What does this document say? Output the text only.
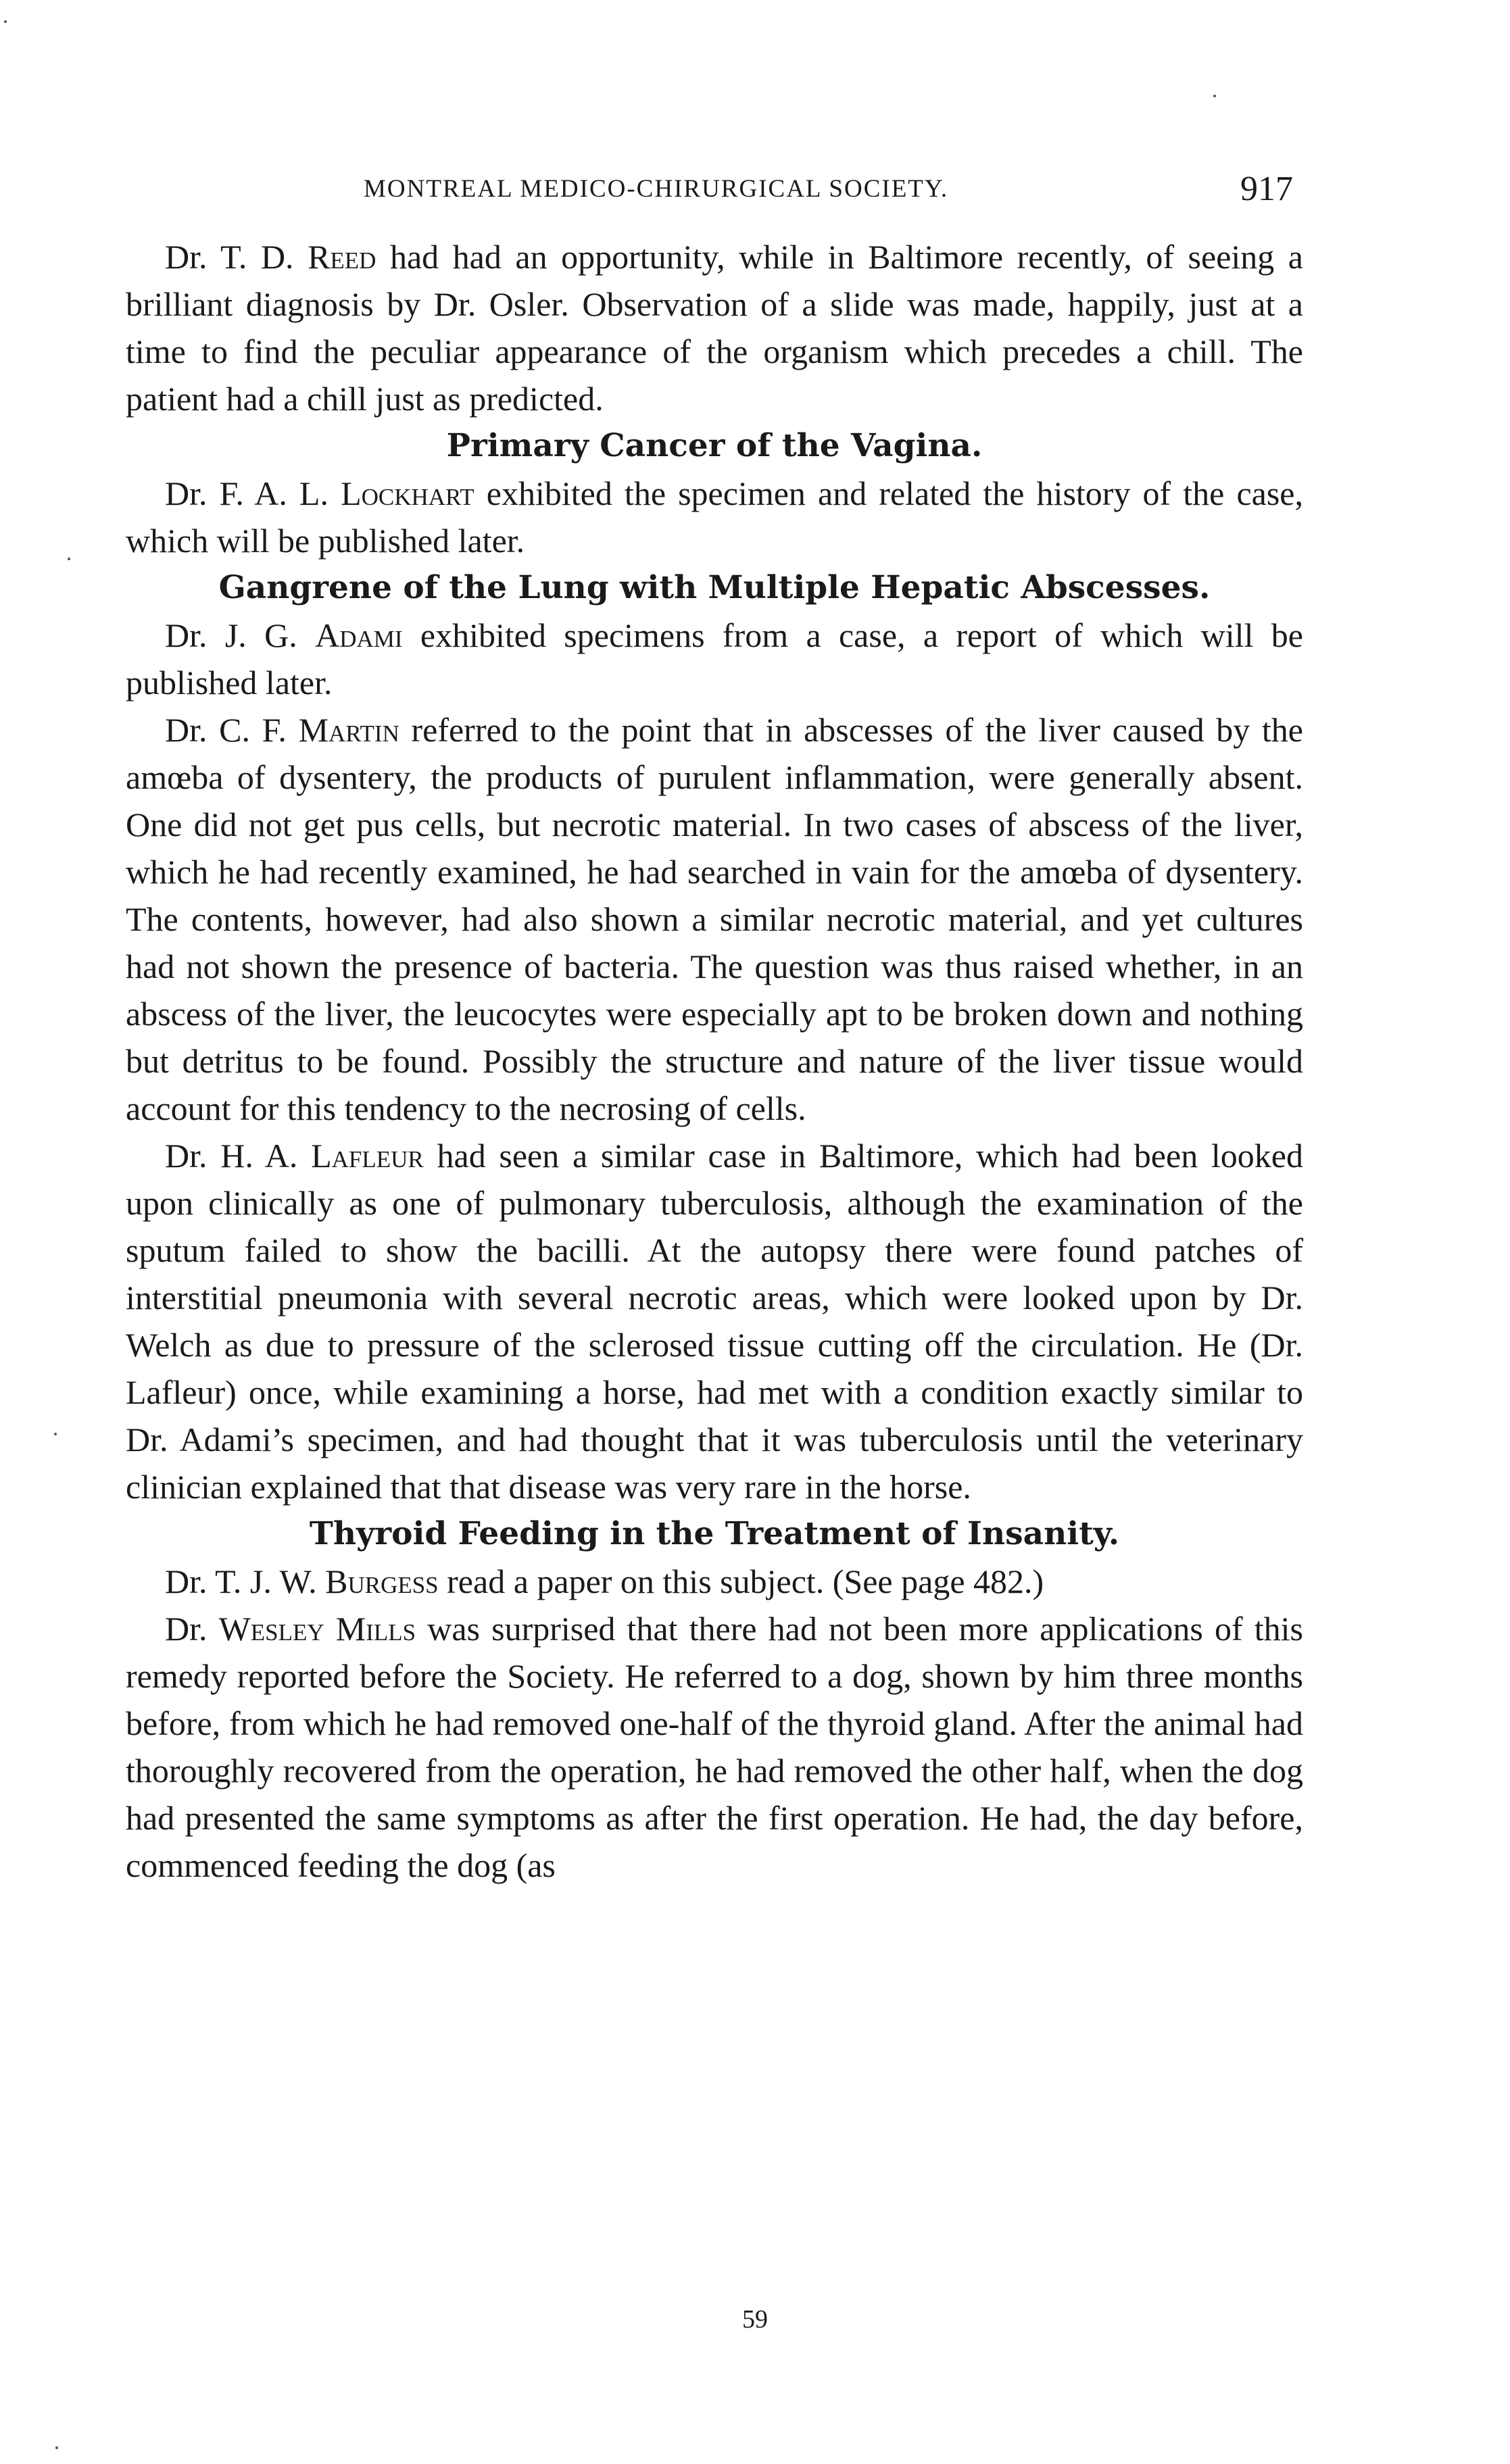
MONTREAL MEDICO-CHIRURGICAL SOCIETY.	917

Dr. T. D. Reed had had an opportunity, while in Baltimore recently, of seeing a brilliant diagnosis by Dr. Osler. Observation of a slide was made, happily, just at a time to find the peculiar appearance of the organism which precedes a chill. The patient had a chill just as predicted.

Primary Cancer of the Vagina.

Dr. F. A. L. Lockhart exhibited the specimen and related the history of the case, which will be published later.

Gangrene of the Lung with Multiple Hepatic Abscesses.

Dr. J. G. Adami exhibited specimens from a case, a report of which will be published later.

Dr. C. F. Martin referred to the point that in abscesses of the liver caused by the amœba of dysentery, the products of purulent inflammation, were generally absent. One did not get pus cells, but necrotic material. In two cases of abscess of the liver, which he had recently examined, he had searched in vain for the amœba of dysentery. The contents, however, had also shown a similar necrotic material, and yet cultures had not shown the presence of bacteria. The question was thus raised whether, in an abscess of the liver, the leucocytes were especially apt to be broken down and nothing but detritus to be found. Possibly the structure and nature of the liver tissue would account for this tendency to the necrosing of cells.

Dr. H. A. Lafleur had seen a similar case in Baltimore, which had been looked upon clinically as one of pulmonary tuberculosis, although the examination of the sputum failed to show the bacilli. At the autopsy there were found patches of interstitial pneumonia with several necrotic areas, which were looked upon by Dr. Welch as due to pressure of the sclerosed tissue cutting off the circulation. He (Dr. Lafleur) once, while examining a horse, had met with a condition exactly similar to Dr. Adami’s specimen, and had thought that it was tuberculosis until the veterinary clinician explained that that disease was very rare in the horse.

Thyroid Feeding in the Treatment of Insanity.

Dr. T. J. W. Burgess read a paper on this subject. (See page 482.)

Dr. Wesley Mills was surprised that there had not been more applications of this remedy reported before the Society. He referred to a dog, shown by him three months before, from which he had removed one-half of the thyroid gland. After the animal had thoroughly recovered from the operation, he had removed the other half, when the dog had presented the same symptoms as after the first operation. He had, the day before, commenced feeding the dog (as

59
